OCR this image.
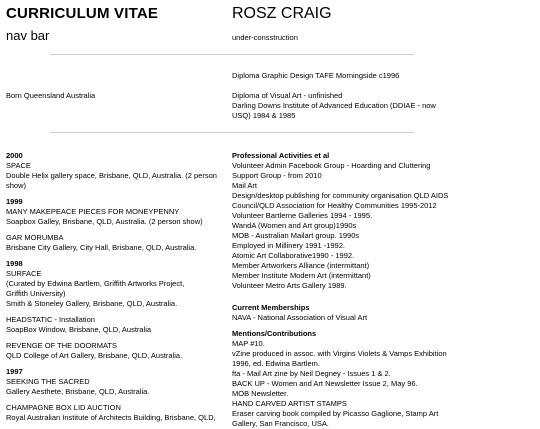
CURRICULUM VITAE	ROSZ CRAIG
nav bar	under-consstruction
Diploma Graphic Design TAFE Morningside c1996
Diploma of Visual Art - unfinished
Darling Downs Institute of Advanced Education (DDIAE - now
USQ) 1984 & 1985
Born Queensland Australia
2000
SPACE
Double Helix gallery space, Brisbane, QLD, Australia. (2 person
show)
1999
MANY MAKEPEACE PIECES FOR MONEYPENNY
Soapbox Galley, Brisbane, QLD, Australia. (2 person show)
GAR MORUMBA
Brisbane City Gallery, City Hall, Brisbane, QLD, Australia.
1998
SURFACE
(Curated by Edwina Bartlem, Griffith Artworks Project,
Griffith University)
Smith & Stoneley Gallery, Brisbane, QLD, Australia.
HEADSTATIC - Installation
SoapBox Window, Brisbane, QLD, Australia
REVENGE OF THE DOORMATS
QLD College of Art Gallery, Brisbane, QLD, Australia.
1997
SEEKING THE SACRED
Gallery Aesthete, Brisbane, QLD, Australia.
CHAMPAGNE BOX LID AUCTION
Royal Australian Institute of Architects Building, Brisbane, QLD,
Professional Activities et al
Volunteer Admin Facebook Group - Hoarding and Cluttering
Support Group - from 2010
Mail Art
Design/desktop publishing for community organisation QLD AIDS
Council/QLD Association for Healthy Communities 1995-2012
Volunteer Bartlerne Galleries 1994 - 1995.
WandA (Women and Art group)1990s
MOB - Australian Mailart group. 1990s
Employed in Millinery 1991 -1992.
Atomic Art Collaborative1990 - 1992.
Member Artworkers Alliance (intermittant)
Member Institute Modern Art (intermittant)
Volunteer Metro Arts Gallery 1989.
Current Memberships
NAVA - National Association of Visual Art
Mentions/Contributions
MAP #10.
vZine produced in assoc. with Virgins Violets & Vamps Exhibition
1996, ed. Edwina Bartlem.
fta - Mail Art zine by Neil Degney - Issues 1 & 2.
BACK UP - Women and Art Newsletter Issue 2, May 96.
MOB Newsletter.
HAND CARVED ARTIST STAMPS
Eraser carving book compiled by Picasso Gaglione, Stamp Art
Gallery, San Francisco, USA.
